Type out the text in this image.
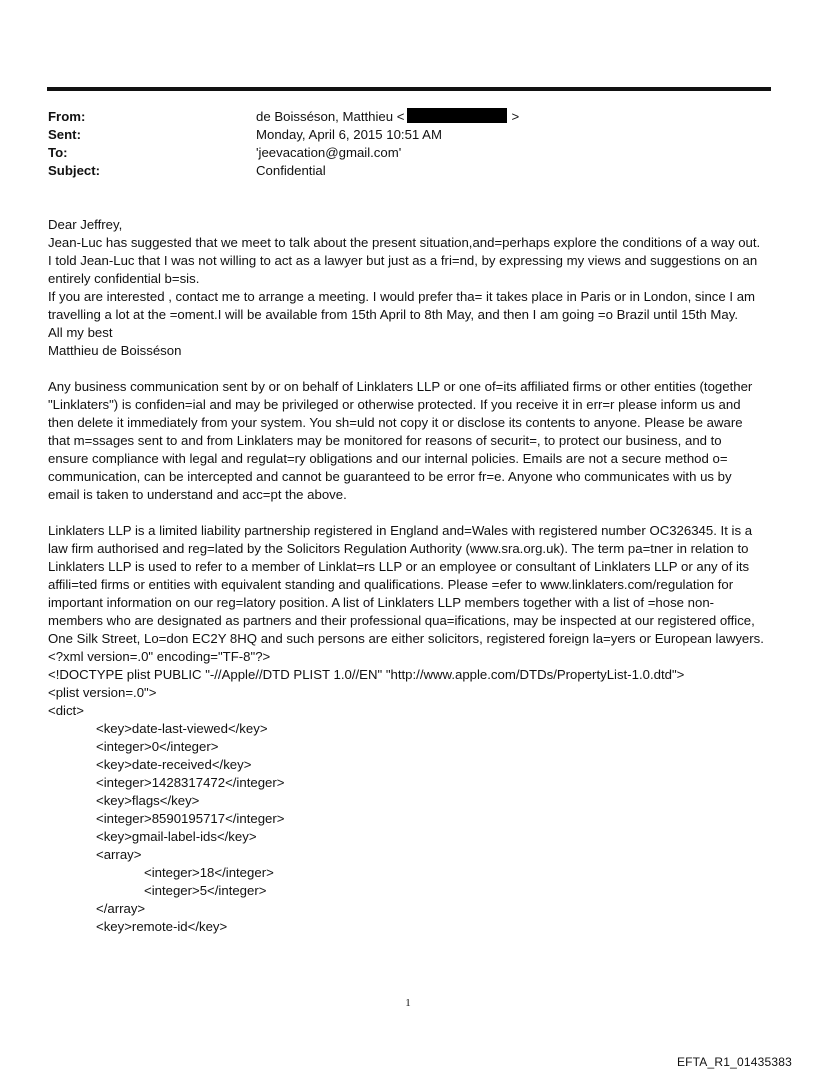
From:	de Boisséson, Matthieu <	>
Sent:	Monday, April 6, 2015 10:51 AM
To:	'jeevacation@gmail.com'
Subject:	Confidential

Dear Jeffrey,

Jean-Luc has suggested that we meet to talk about the present situation,and=perhaps explore the conditions of a way out.

I told Jean-Luc that I was not willing to act as a lawyer but just as a fri=nd, by expressing my views and suggestions on an entirely confidential b=sis.

If you are interested , contact me to arrange a meeting. I would prefer tha= it takes place in Paris or in London, since I am travelling a lot at the =oment.I will be available from 15th April to 8th May, and then I am going =o Brazil until 15th May.

All my best

Matthieu de Boisséson

Any business communication sent by or on behalf of Linklaters LLP or one of=its affiliated firms or other entities (together "Linklaters") is confiden=ial and may be privileged or otherwise protected. If you receive it in err=r please inform us and then delete it immediately from your system. You sh=uld not copy it or disclose its contents to anyone. Please be aware that m=ssages sent to and from Linklaters may be monitored for reasons of securit=, to protect our business, and to ensure compliance with legal and regulat=ry obligations and our internal policies. Emails are not a secure method o= communication, can be intercepted and cannot be guaranteed to be error fr=e. Anyone who communicates with us by email is taken to understand and acc=pt the above.

Linklaters LLP is a limited liability partnership registered in England and=Wales with registered number OC326345. It is a law firm authorised and reg=lated by the Solicitors Regulation Authority (www.sra.org.uk). The term pa=tner in relation to Linklaters LLP is used to refer to a member of Linklat=rs LLP or an employee or consultant of Linklaters LLP or any of its affili=ted firms or entities with equivalent standing and qualifications. Please =efer to www.linklaters.com/regulation for important information on our reg=latory position. A list of Linklaters LLP members together with a list of =hose non-members who are designated as partners and their professional qua=ifications, may be inspected at our registered office, One Silk Street, Lo=don EC2Y 8HQ and such persons are either solicitors, registered foreign la=yers or European lawyers.

<?xml version=.0" encoding="TF-8"?>

<!DOCTYPE plist PUBLIC "-//Apple//DTD PLIST 1.0//EN" "http://www.apple.com/DTDs/PropertyList-1.0.dtd">

<plist version=.0">

<dict>

<key>date-last-viewed</key>

<integer>0</integer>

<key>date-received</key>

<integer>1428317472</integer>

<key>flags</key>

<integer>8590195717</integer>

<key>gmail-label-ids</key>

<array>

<integer>18</integer>

<integer>5</integer>

</array>

<key>remote-id</key>

1
EFTA_R1_01435383
